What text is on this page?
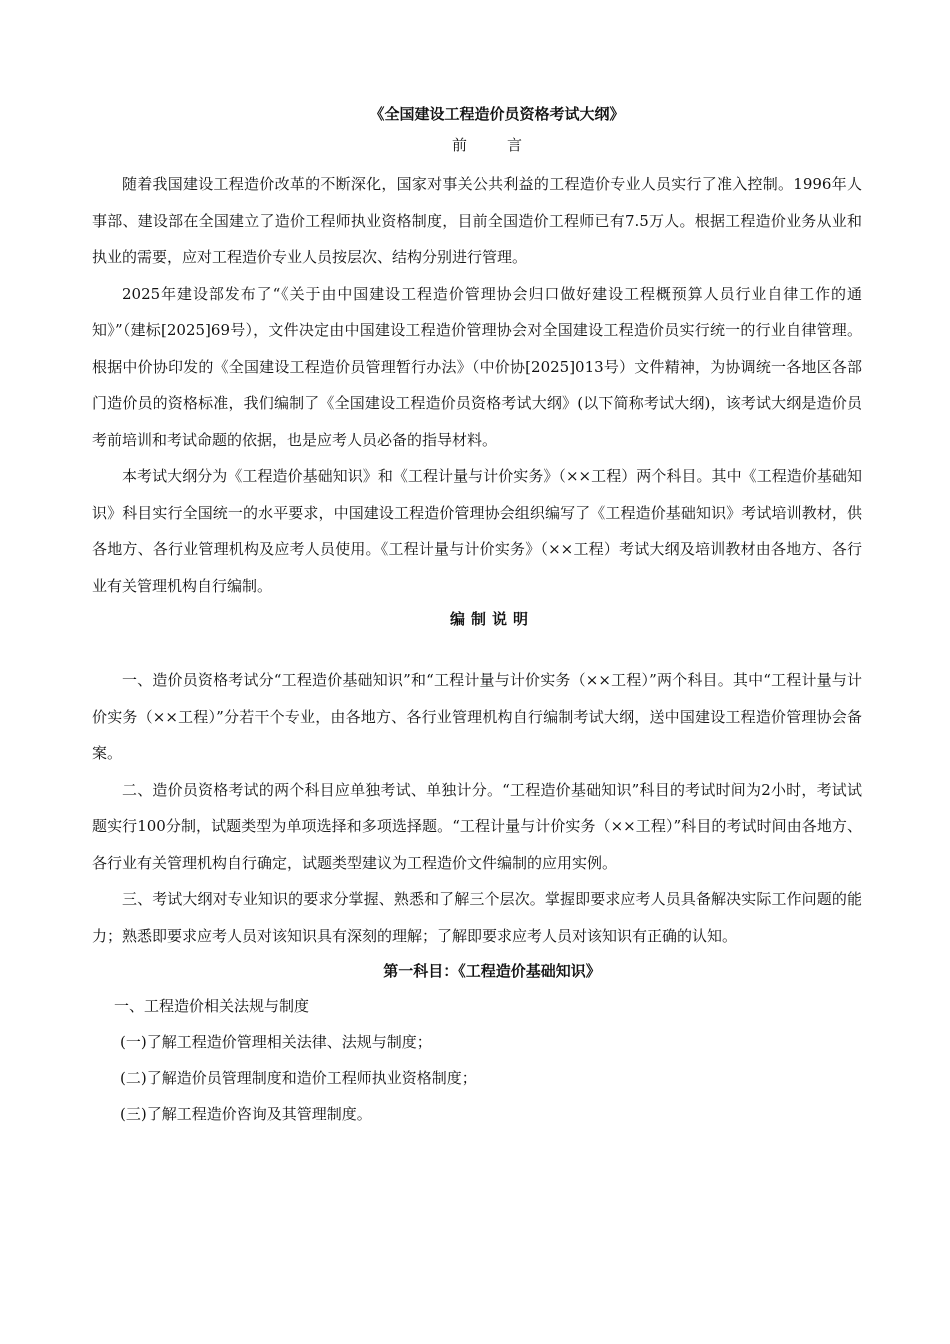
《全国建设工程造价员资格考试大纲》

前言

随着我国建设工程造价改革的不断深化，国家对事关公共利益的工程造价专业人员实行了准入控制。1996年人事部、建设部在全国建立了造价工程师执业资格制度，目前全国造价工程师已有7.5万人。根据工程造价业务从业和执业的需要，应对工程造价专业人员按层次、结构分别进行管理。

2025年建设部发布了“《关于由中国建设工程造价管理协会归口做好建设工程概预算人员行业自律工作的通知》”（建标[2025]69号），文件决定由中国建设工程造价管理协会对全国建设工程造价员实行统一的行业自律管理。根据中价协印发的《全国建设工程造价员管理暂行办法》（中价协[2025]013号）文件精神，为协调统一各地区各部门造价员的资格标准，我们编制了《全国建设工程造价员资格考试大纲》(以下简称考试大纲)，该考试大纲是造价员考前培训和考试命题的依据，也是应考人员必备的指导材料。

本考试大纲分为《工程造价基础知识》和《工程计量与计价实务》（××工程）两个科目。其中《工程造价基础知识》科目实行全国统一的水平要求，中国建设工程造价管理协会组织编写了《工程造价基础知识》考试培训教材，供各地方、各行业管理机构及应考人员使用。《工程计量与计价实务》（××工程）考试大纲及培训教材由各地方、各行业有关管理机构自行编制。

编制说明

一、造价员资格考试分“工程造价基础知识”和“工程计量与计价实务（××工程）”两个科目。其中“工程计量与计价实务（××工程）”分若干个专业，由各地方、各行业管理机构自行编制考试大纲，送中国建设工程造价管理协会备案。

二、造价员资格考试的两个科目应单独考试、单独计分。“工程造价基础知识”科目的考试时间为2小时，考试试题实行100分制，试题类型为单项选择和多项选择题。“工程计量与计价实务（××工程）”科目的考试时间由各地方、各行业有关管理机构自行确定，试题类型建议为工程造价文件编制的应用实例。

三、考试大纲对专业知识的要求分掌握、熟悉和了解三个层次。掌握即要求应考人员具备解决实际工作问题的能力；熟悉即要求应考人员对该知识具有深刻的理解；了解即要求应考人员对该知识有正确的认知。

第一科目：《工程造价基础知识》

一、工程造价相关法规与制度

(一)了解工程造价管理相关法律、法规与制度；

(二)了解造价员管理制度和造价工程师执业资格制度；

(三)了解工程造价咨询及其管理制度。
